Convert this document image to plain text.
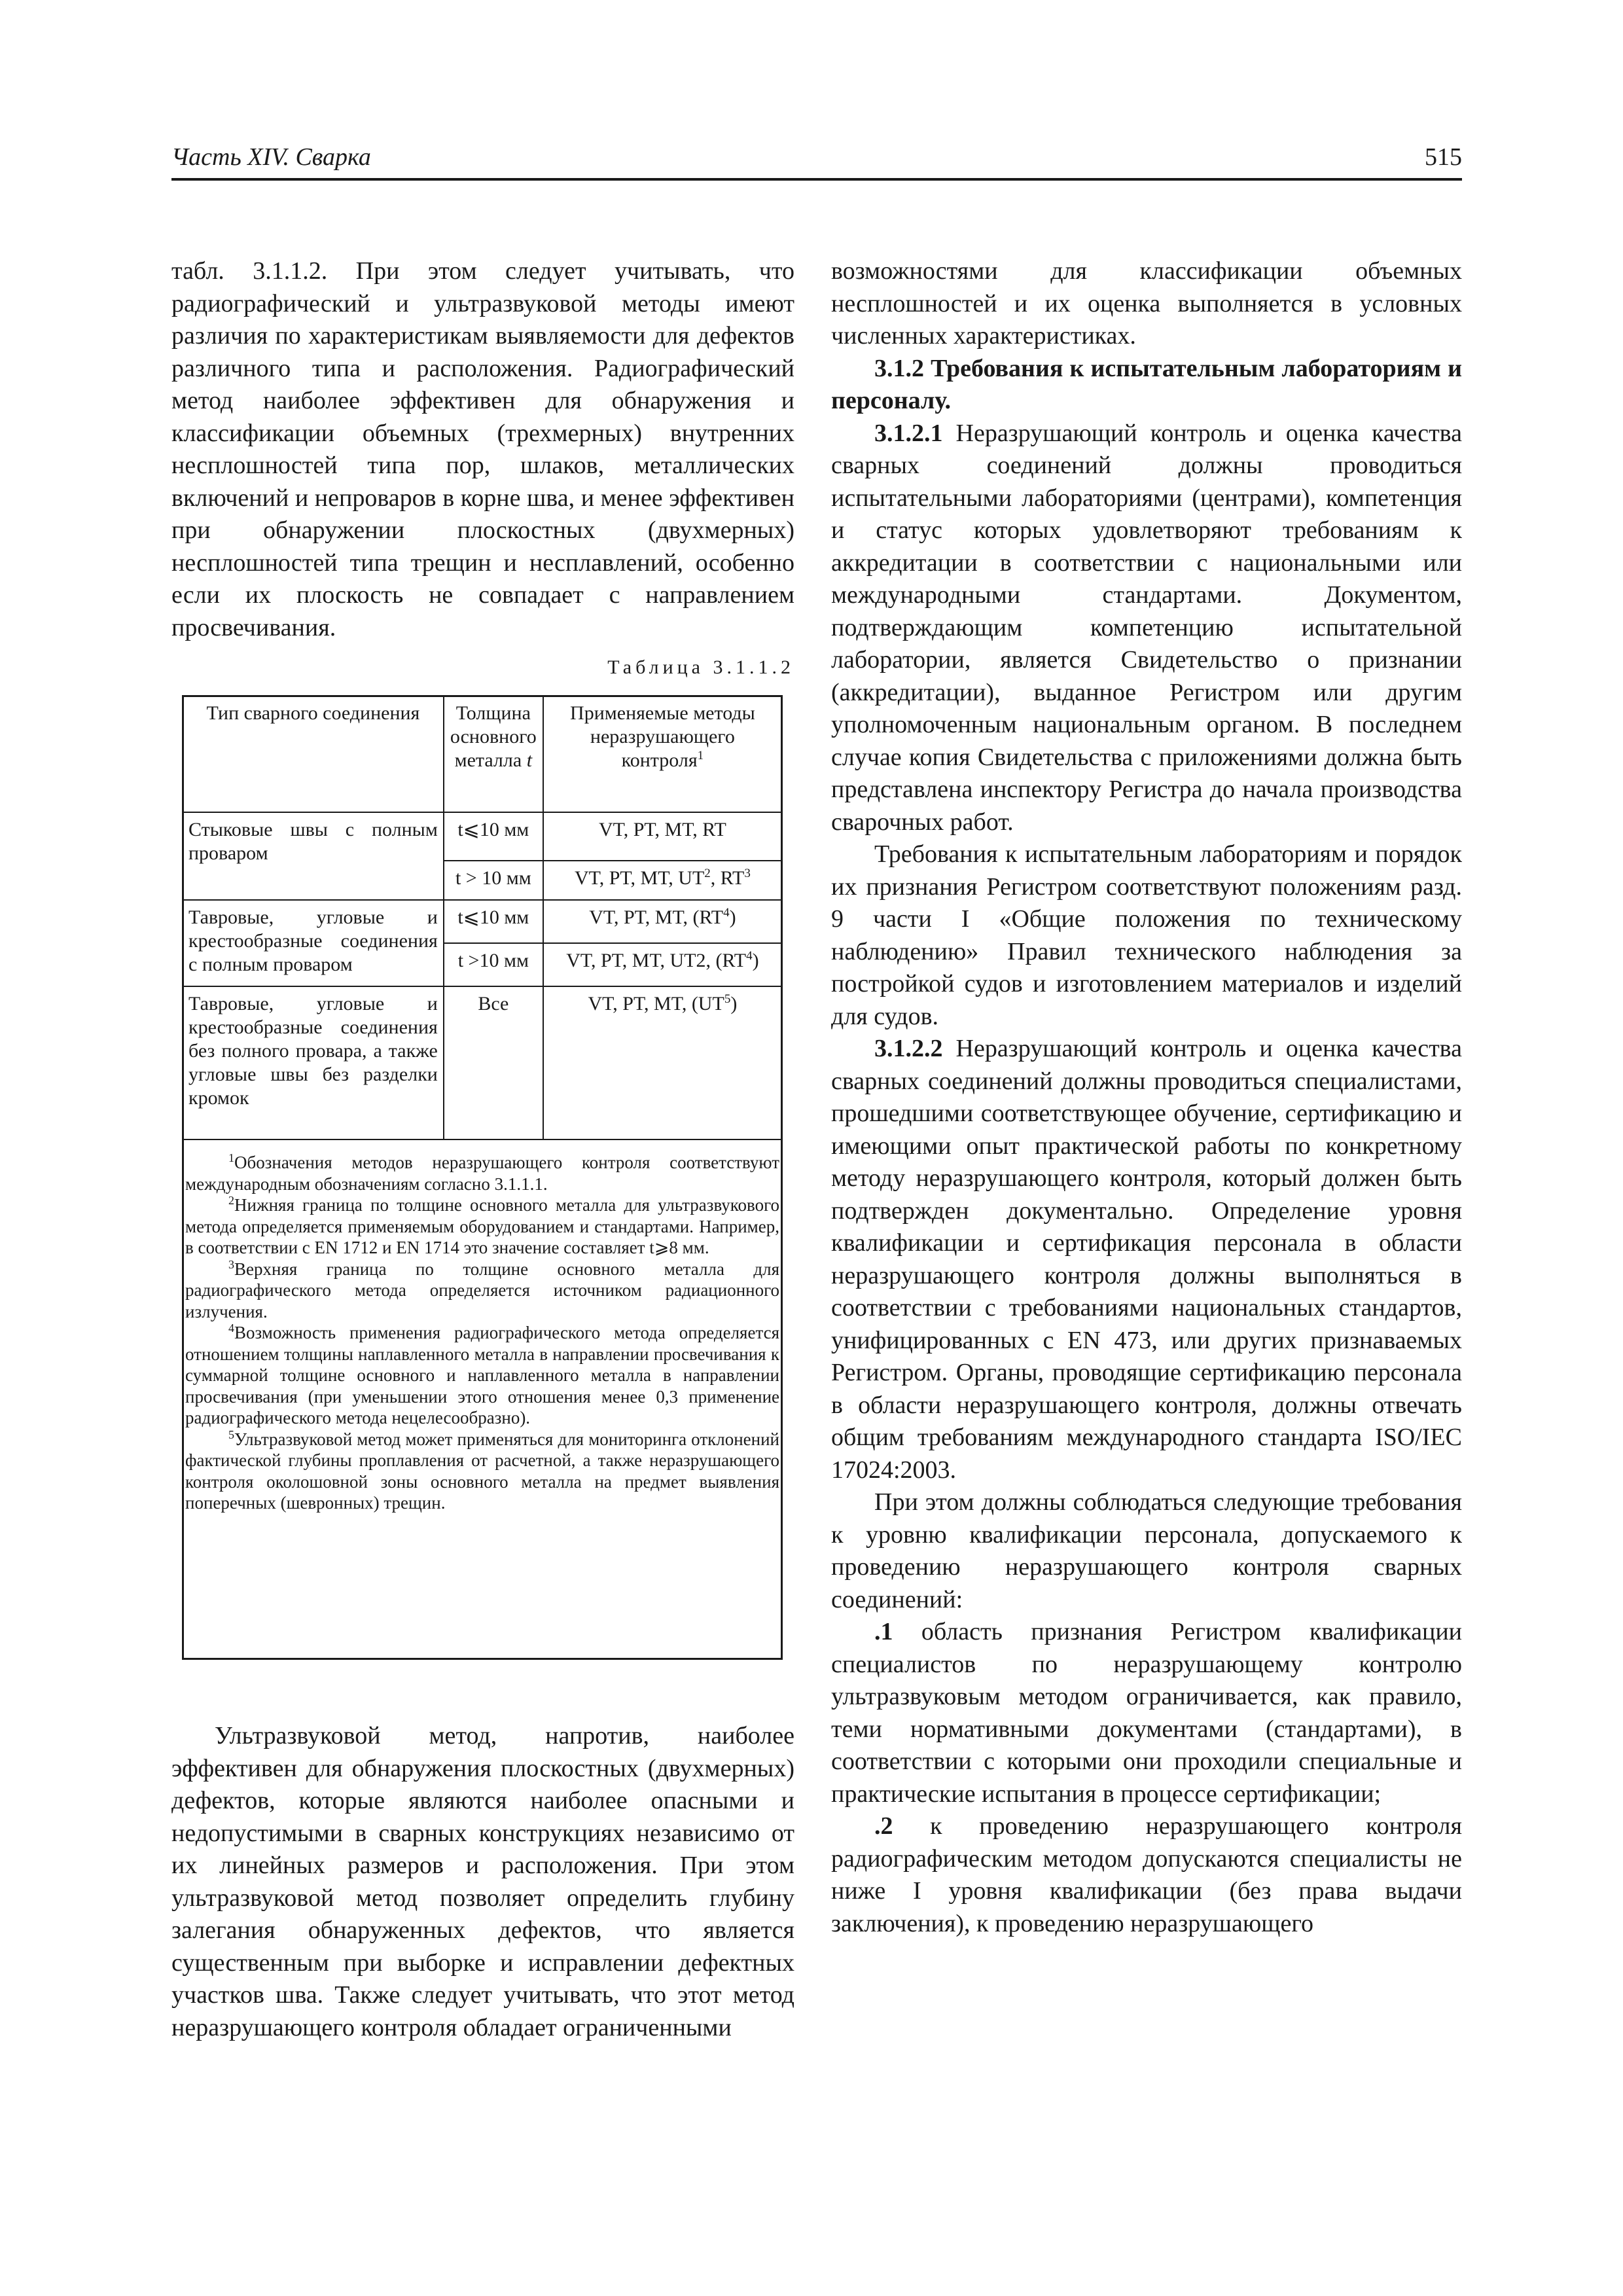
Часть XIV. Сварка	515

табл. 3.1.1.2. При этом следует учитывать, что радиографический и ультразвуковой методы имеют различия по характеристикам выявляемости для дефектов различного типа и расположения. Радиографический метод наиболее эффективен для обнаружения и классификации объемных (трехмерных) внутренних несплошностей типа пор, шлаков, металлических включений и непроваров в корне шва, и менее эффективен при обнаружении плоскостных (двухмерных) несплошностей типа трещин и несплавлений, особенно если их плоскость не совпадает с направлением просвечивания.

Таблица 3.1.1.2
Тип сварного соединения	Толщина основного металла t	Применяемые методы неразрушающего контроля$^1$
Стыковые швы с полным проваром	t⩽10 мм	VT, PT, MT, RT
	t > 10 мм	VT, PT, MT, $UT^2$, $RT^3$
Тавровые, угловые и крестообразные соединения с полным проваром	t⩽10 мм	VT, PT, MT, $(RT^4)$
	t >10 мм	VT, PT, MT, UT2, $(RT^4)$
Тавровые, угловые и крестообразные соединения без полного провара, а также угловые швы без разделки кромок	Все	VT, PT, MT, $(UT^5)$

$^1$Обозначения методов неразрушающего контроля соответствуют международным обозначениям согласно 3.1.1.1.

$^2$Нижняя граница по толщине основного металла для ультразвукового метода определяется применяемым оборудованием и стандартами. Например, в соответствии с EN 1712 и EN 1714 это значение составляет t⩾8 мм.

$^3$Верхняя граница по толщине основного металла для радиографического метода определяется источником радиационного излучения.

$^4$Возможность применения радиографического метода определяется отношением толщины наплавленного металла в направлении просвечивания к суммарной толщине основного и наплавленного металла в направлении просвечивания (при уменьшении этого отношения менее 0,3 применение радиографического метода нецелесообразно).

$^5$Ультразвуковой метод может применяться для мониторинга отклонений фактической глубины проплавления от расчетной, а также неразрушающего контроля околошовной зоны основного металла на предмет выявления поперечных (шевронных) трещин.

Ультразвуковой метод, напротив, наиболее эффективен для обнаружения плоскостных (двухмерных) дефектов, которые являются наиболее опасными и недопустимыми в сварных конструкциях независимо от их линейных размеров и расположения. При этом ультразвуковой метод позволяет определить глубину залегания обнаруженных дефектов, что является существенным при выборке и исправлении дефектных участков шва. Также следует учитывать, что этот метод неразрушающего контроля обладает ограниченными

возможностями для классификации объемных несплошностей и их оценка выполняется в условных численных характеристиках.

3.1.2 Требования к испытательным лабораториям и персоналу.

3.1.2.1 Неразрушающий контроль и оценка качества сварных соединений должны проводиться испытательными лабораториями (центрами), компетенция и статус которых удовлетворяют требованиям к аккредитации в соответствии с национальными или международными стандартами. Документом, подтверждающим компетенцию испытательной лаборатории, является Свидетельство о признании (аккредитации), выданное Регистром или другим уполномоченным национальным органом. В последнем случае копия Свидетельства с приложениями должна быть представлена инспектору Регистра до начала производства сварочных работ.

Требования к испытательным лабораториям и порядок их признания Регистром соответствуют положениям разд. 9 части I «Общие положения по техническому наблюдению» Правил технического наблюдения за постройкой судов и изготовлением материалов и изделий для судов.

3.1.2.2 Неразрушающий контроль и оценка качества сварных соединений должны проводиться специалистами, прошедшими соответствующее обучение, сертификацию и имеющими опыт практической работы по конкретному методу неразрушающего контроля, который должен быть подтвержден документально. Определение уровня квалификации и сертификация персонала в области неразрушающего контроля должны выполняться в соответствии с требованиями национальных стандартов, унифицированных с EN 473, или других признаваемых Регистром. Органы, проводящие сертификацию персонала в области неразрушающего контроля, должны отвечать общим требованиям международного стандарта ISO/IEC 17024:2003.

При этом должны соблюдаться следующие требования к уровню квалификации персонала, допускаемого к проведению неразрушающего контроля сварных соединений:

.1 область признания Регистром квалификации специалистов по неразрушающему контролю ультразвуковым методом ограничивается, как правило, теми нормативными документами (стандартами), в соответствии с которыми они проходили специальные и практические испытания в процессе сертификации;

.2 к проведению неразрушающего контроля радиографическим методом допускаются специалисты не ниже I уровня квалификации (без права выдачи заключения), к проведению неразрушающего
